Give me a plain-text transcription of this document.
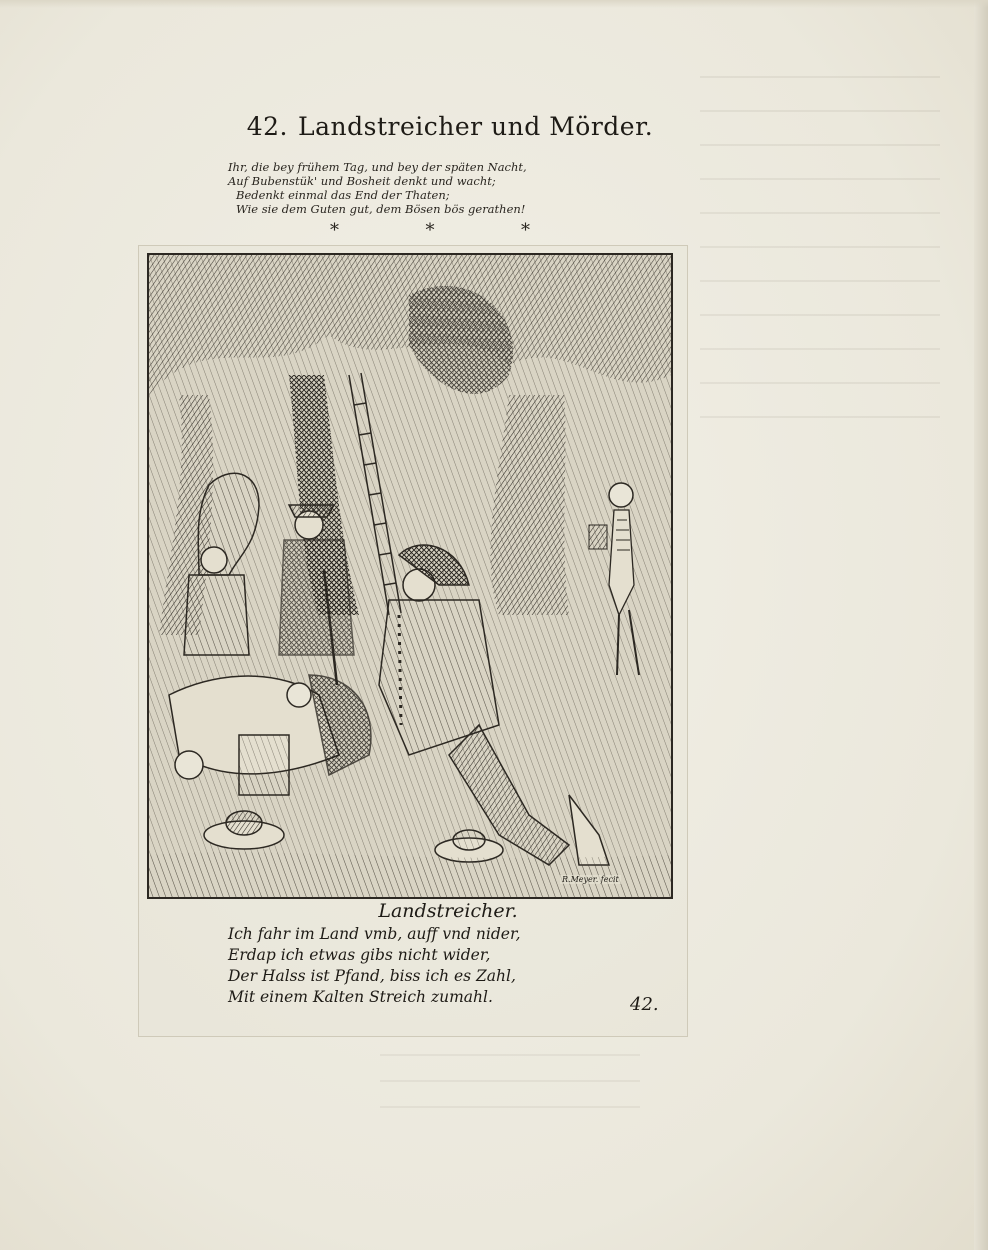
42. Landstreicher und Mörder.
Ihr, die bey frühem Tag, und bey der späten Nacht,
Auf Bubenstük' und Bosheit denkt und wacht;
Bedenkt einmal das End der Thaten;
Wie sie dem Guten gut, dem Bösen bös gerathen!
*	*	*
R.Meyer. fecit
Landstreicher.
Ich fahr im Land vmb, auff vnd nider,
Erdap ich etwas gibs nicht wider,
Der Halss ist Pfand, biss ich es Zahl,
Mit einem Kalten Streich zumahl.	42.
